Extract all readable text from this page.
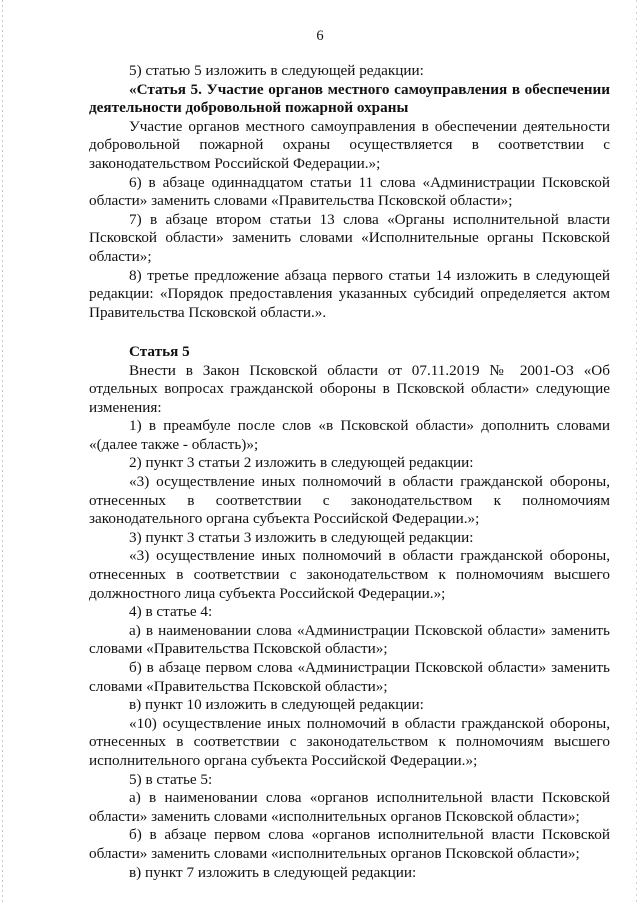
6

5) статью 5 изложить в следующей редакции:

«Статья 5. Участие органов местного самоуправления в обеспечении деятельности добровольной пожарной охраны

Участие органов местного самоуправления в обеспечении деятельности добровольной пожарной охраны осуществляется в соответствии с законодательством Российской Федерации.»;

6) в абзаце одиннадцатом статьи 11 слова «Администрации Псковской области» заменить словами «Правительства Псковской области»;

7) в абзаце втором статьи 13 слова «Органы исполнительной власти Псковской области» заменить словами «Исполнительные органы Псковской области»;

8) третье предложение абзаца первого статьи 14 изложить в следующей редакции: «Порядок предоставления указанных субсидий определяется актом Правительства Псковской области.».

Статья 5

Внести в Закон Псковской области от 07.11.2019 № 2001-ОЗ «Об отдельных вопросах гражданской обороны в Псковской области» следующие изменения:

1) в преамбуле после слов «в Псковской области» дополнить словами «(далее также - область)»;

2) пункт 3 статьи 2 изложить в следующей редакции:

«3) осуществление иных полномочий в области гражданской обороны, отнесенных в соответствии с законодательством к полномочиям законодательного органа субъекта Российской Федерации.»;

3) пункт 3 статьи 3 изложить в следующей редакции:

«3) осуществление иных полномочий в области гражданской обороны, отнесенных в соответствии с законодательством к полномочиям высшего должностного лица субъекта Российской Федерации.»;

4) в статье 4:

а) в наименовании слова «Администрации Псковской области» заменить словами «Правительства Псковской области»;

б) в абзаце первом слова «Администрации Псковской области» заменить словами «Правительства Псковской области»;

в) пункт 10 изложить в следующей редакции:

«10) осуществление иных полномочий в области гражданской обороны, отнесенных в соответствии с законодательством к полномочиям высшего исполнительного органа субъекта Российской Федерации.»;

5) в статье 5:

а) в наименовании слова «органов исполнительной власти Псковской области» заменить словами «исполнительных органов Псковской области»;

б) в абзаце первом слова «органов исполнительной власти Псковской области» заменить словами «исполнительных органов Псковской области»;

в) пункт 7 изложить в следующей редакции:
